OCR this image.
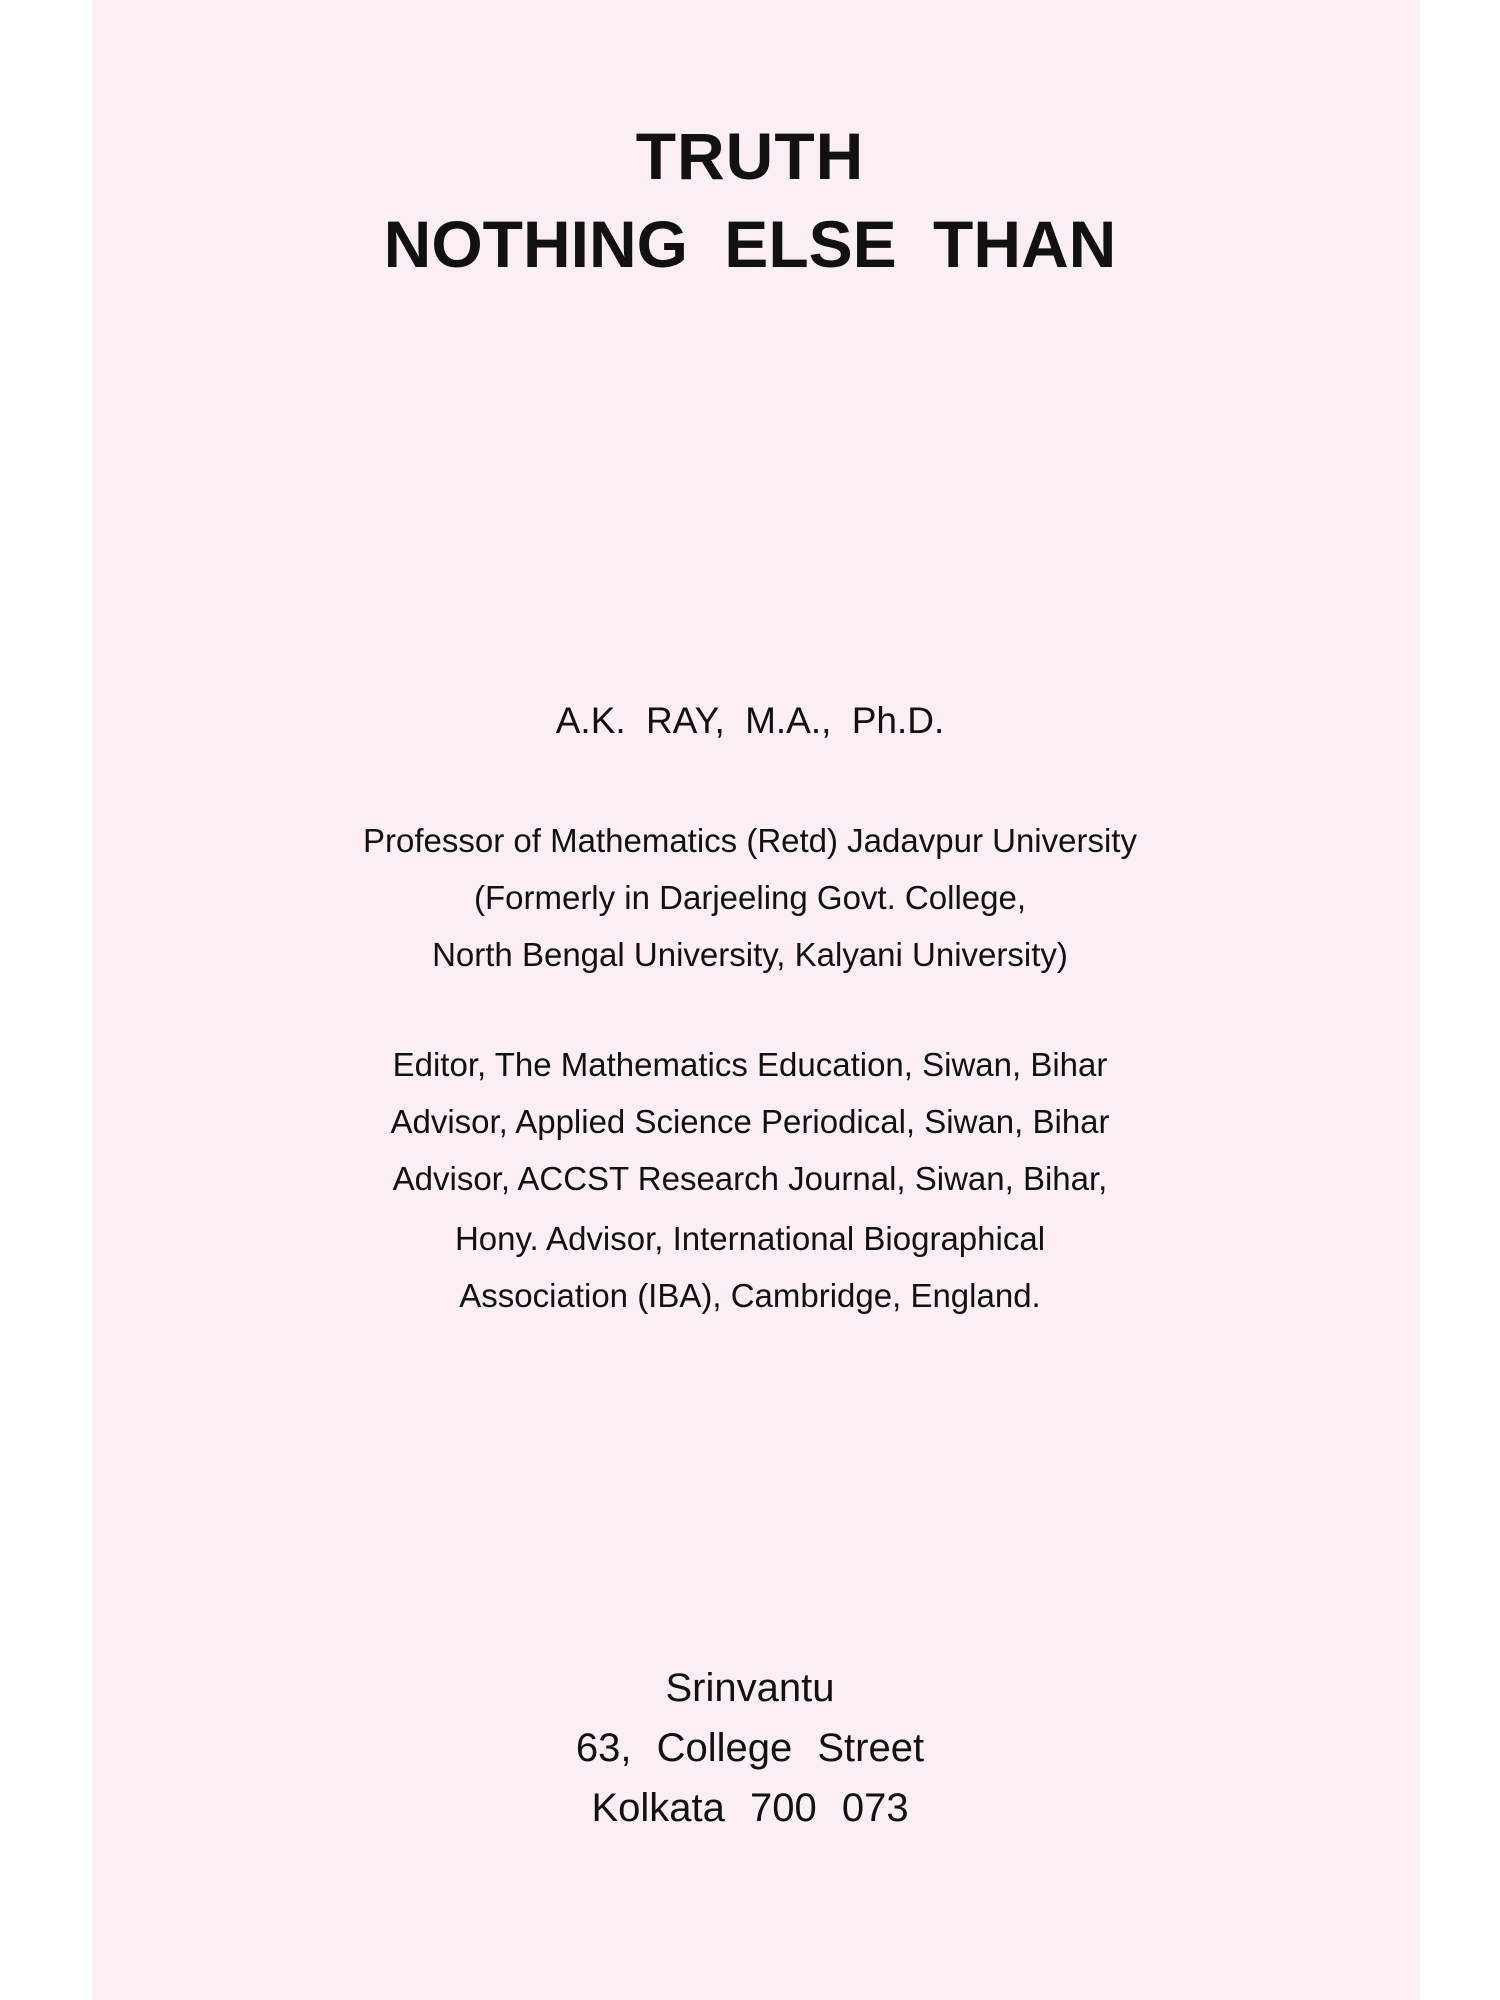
TRUTH
NOTHING ELSE THAN

A.K. RAY, M.A., Ph.D.

Professor of Mathematics (Retd) Jadavpur University

(Formerly in Darjeeling Govt. College,

North Bengal University, Kalyani University)

Editor, The Mathematics Education, Siwan, Bihar

Advisor, Applied Science Periodical, Siwan, Bihar

Advisor, ACCST Research Journal, Siwan, Bihar,

Hony. Advisor, International Biographical

Association (IBA), Cambridge, England.

Srinvantu

63, College Street

Kolkata 700 073
